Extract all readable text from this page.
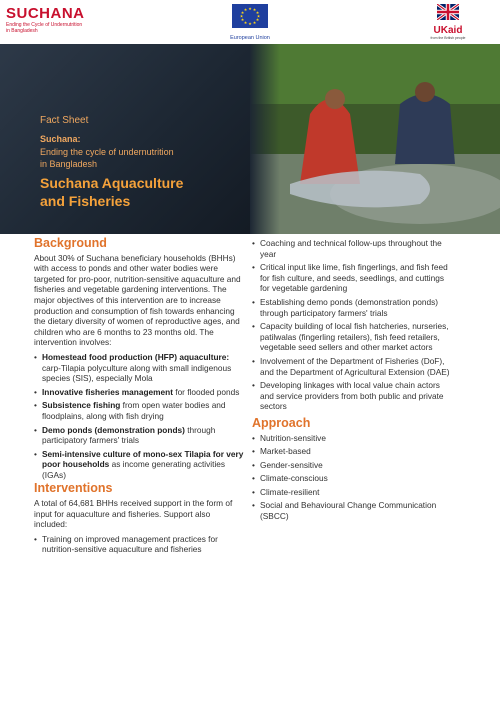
SUCHANA
Ending the Cycle of Undernutrition in Bangladesh
★ ★
★
★
★
★
★
★
★
★
★
★
European Union
UKaid
from the British people
Fact Sheet
Suchana:
Ending the cycle of undernutrition
in Bangladesh
Suchana Aquaculture
and Fisheries
Background

About 30% of Suchana beneficiary households (BHHs) with access to ponds and other water bodies were targeted for pro-poor, nutrition-sensitive aquaculture and fisheries and vegetable gardening interventions. The major objectives of this intervention are to increase production and consumption of fish towards enhancing the dietary diversity of women of reproductive ages, and children who are 6 months to 23 months old. The intervention involves:

• Homestead food production (HFP) aquaculture: carp-Tilapia polyculture along with small indigenous species (SIS), especially Mola
• Innovative fisheries management for flooded ponds
• Subsistence fishing from open water bodies and floodplains, along with fish drying
• Demo ponds (demonstration ponds) through participatory farmers' trials
• Semi-intensive culture of mono-sex Tilapia for very poor households as income generating activities (IGAs)
Interventions

A total of 64,681 BHHs received support in the form of input for aquaculture and fisheries. Support also included:

• Training on improved management practices for nutrition-sensitive aquaculture and fisheries
• Coaching and technical follow-ups throughout the year
• Critical input like lime, fish fingerlings, and fish feed for fish culture, and seeds, seedlings, and cuttings for vegetable gardening
• Establishing demo ponds (demonstration ponds) through participatory farmers' trials
• Capacity building of local fish hatcheries, nurseries, patilwalas (fingerling retailers), fish feed retailers, vegetable seed sellers and other market actors
• Involvement of the Department of Fisheries (DoF), and the Department of Agricultural Extension (DAE)
• Developing linkages with local value chain actors and service providers from both public and private sectors
Approach
• Nutrition-sensitive
• Market-based
• Gender-sensitive
• Climate-conscious
• Climate-resilient
• Social and Behavioural Change Communication (SBCC)
